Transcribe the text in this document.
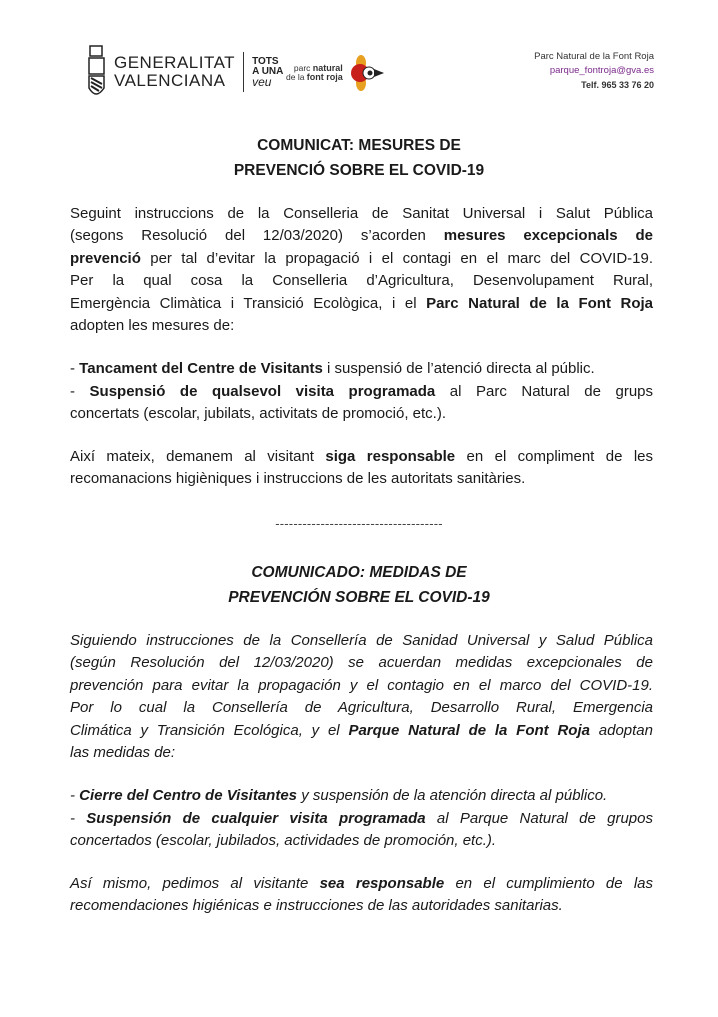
GENERALITAT
VALENCIANA
TOTS
A UNA
veu
parc natural
de la font roja
Parc Natural de la Font Roja
parque_fontroja@gva.es
Telf. 965 33 76 20
COMUNICAT: MESURES DE
PREVENCIÓ SOBRE EL COVID-19
Seguint instruccions de la Conselleria de Sanitat Universal i Salut Pública
(segons Resolució del 12/03/2020) s’acorden mesures excepcionals de
prevenció per tal d’evitar la propagació i el contagi en el marc del COVID-19.
Per la qual cosa la Conselleria d’Agricultura, Desenvolupament Rural,
Emergència Climàtica i Transició Ecològica, i el Parc Natural de la Font Roja
adopten les mesures de:
- Tancament del Centre de Visitants i suspensió de l’atenció directa al públic.
- Suspensió de qualsevol visita programada al Parc Natural de grups
concertats (escolar, jubilats, activitats de promoció, etc.).
Així mateix, demanem al visitant siga responsable en el compliment de les
recomanacions higièniques i instruccions de les autoritats sanitàries.
-------------------------------------
COMUNICADO: MEDIDAS DE
PREVENCIÓN SOBRE EL COVID-19
Siguiendo instrucciones de la Consellería de Sanidad Universal y Salud Pública
(según Resolución del 12/03/2020) se acuerdan medidas excepcionales de
prevención para evitar la propagación y el contagio en el marco del COVID-19.
Por lo cual la Consellería de Agricultura, Desarrollo Rural, Emergencia
Climática y Transición Ecológica, y el Parque Natural de la Font Roja adoptan
las medidas de:
- Cierre del Centro de Visitantes y suspensión de la atención directa al público.
- Suspensión de cualquier visita programada al Parque Natural de grupos
concertados (escolar, jubilados, actividades de promoción, etc.).
Así mismo, pedimos al visitante sea responsable en el cumplimiento de las
recomendaciones higiénicas e instrucciones de las autoridades sanitarias.
